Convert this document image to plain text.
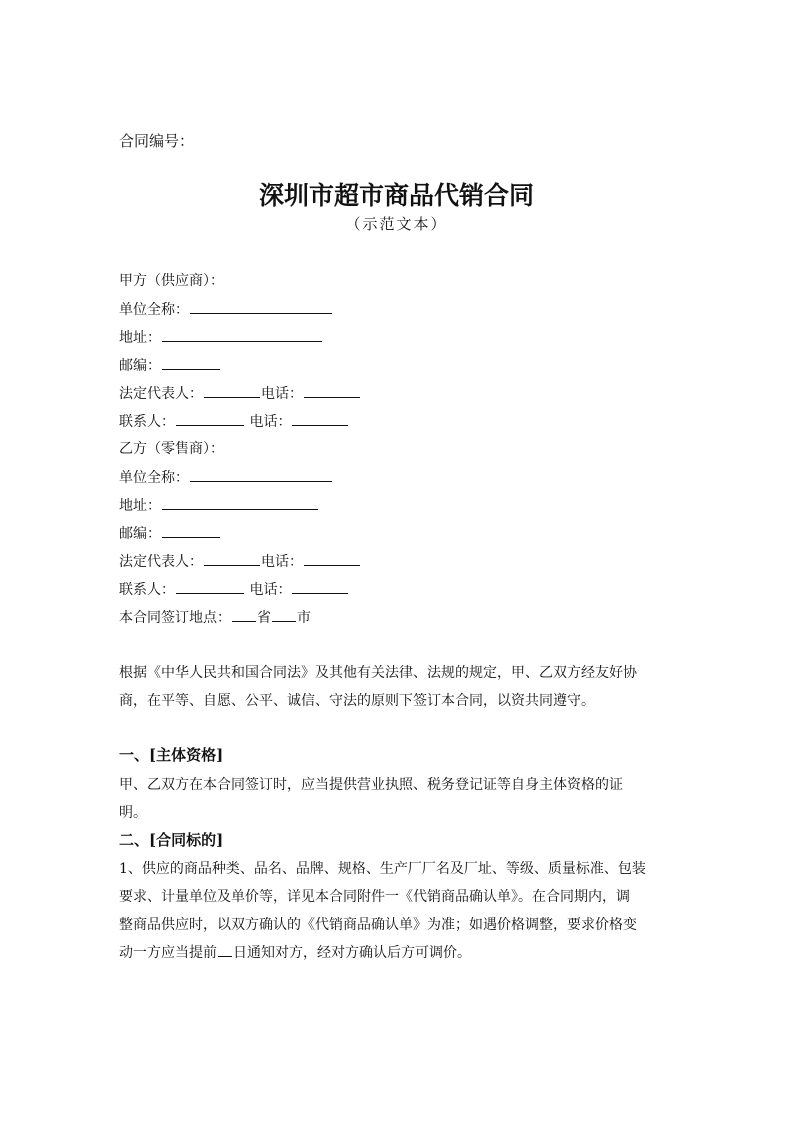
合同编号：
深圳市超市商品代销合同
（示范文本）
甲方（供应商）：
单位全称：
地址：
邮编：
法定代表人：	电话：
联系人：	电话：
乙方（零售商）：
单位全称：
地址：
邮编：
法定代表人：	电话：
联系人：	电话：
本合同签订地点： 省 市
根据《中华人民共和国合同法》及其他有关法律、法规的规定，甲、乙双方经友好协
商，在平等、自愿、公平、诚信、守法的原则下签订本合同，以资共同遵守。
一、[主体资格]
甲、乙双方在本合同签订时，应当提供营业执照、税务登记证等自身主体资格的证
明。
二、[合同标的]
1、供应的商品种类、品名、品牌、规格、生产厂厂名及厂址、等级、质量标准、包装
要求、计量单位及单价等，详见本合同附件一《代销商品确认单》。在合同期内，调
整商品供应时，以双方确认的《代销商品确认单》为准；如遇价格调整，要求价格变
动一方应当提前 日通知对方，经对方确认后方可调价。
